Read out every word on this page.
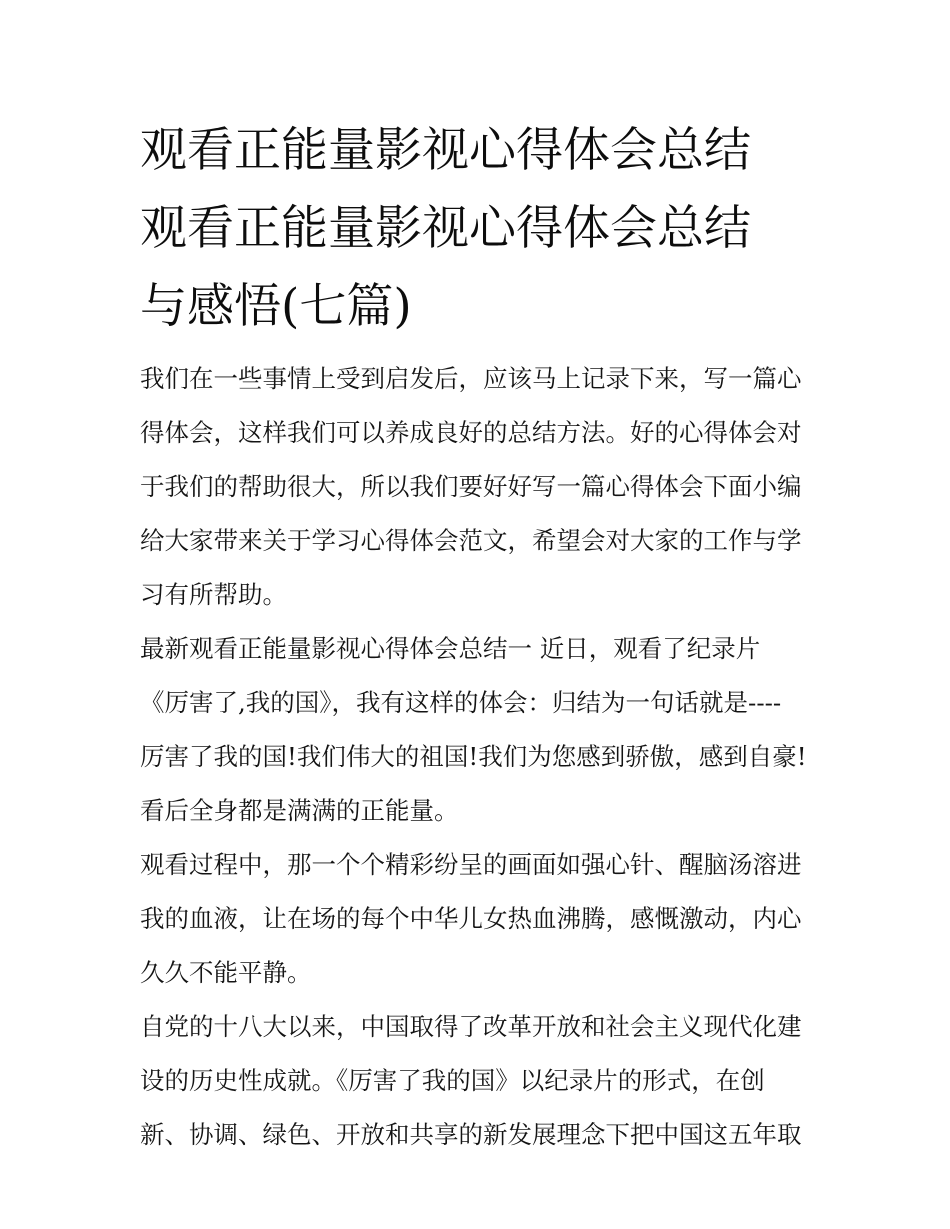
观看正能量影视心得体会总结
观看正能量影视心得体会总结
与感悟(七篇)

我们在一些事情上受到启发后，应该马上记录下来，写一篇心
得体会，这样我们可以养成良好的总结方法。好的心得体会对
于我们的帮助很大，所以我们要好好写一篇心得体会下面小编
给大家带来关于学习心得体会范文，希望会对大家的工作与学
习有所帮助。

最新观看正能量影视心得体会总结一 近日，观看了纪录片
《厉害了,我的国》，我有这样的体会：归结为一句话就是----
厉害了我的国!我们伟大的祖国!我们为您感到骄傲，感到自豪!
看后全身都是满满的正能量。

观看过程中，那一个个精彩纷呈的画面如强心针、醒脑汤溶进
我的血液，让在场的每个中华儿女热血沸腾，感慨激动，内心
久久不能平静。

自党的十八大以来，中国取得了改革开放和社会主义现代化建
设的历史性成就。《厉害了我的国》以纪录片的形式，在创
新、协调、绿色、开放和共享的新发展理念下把中国这五年取
